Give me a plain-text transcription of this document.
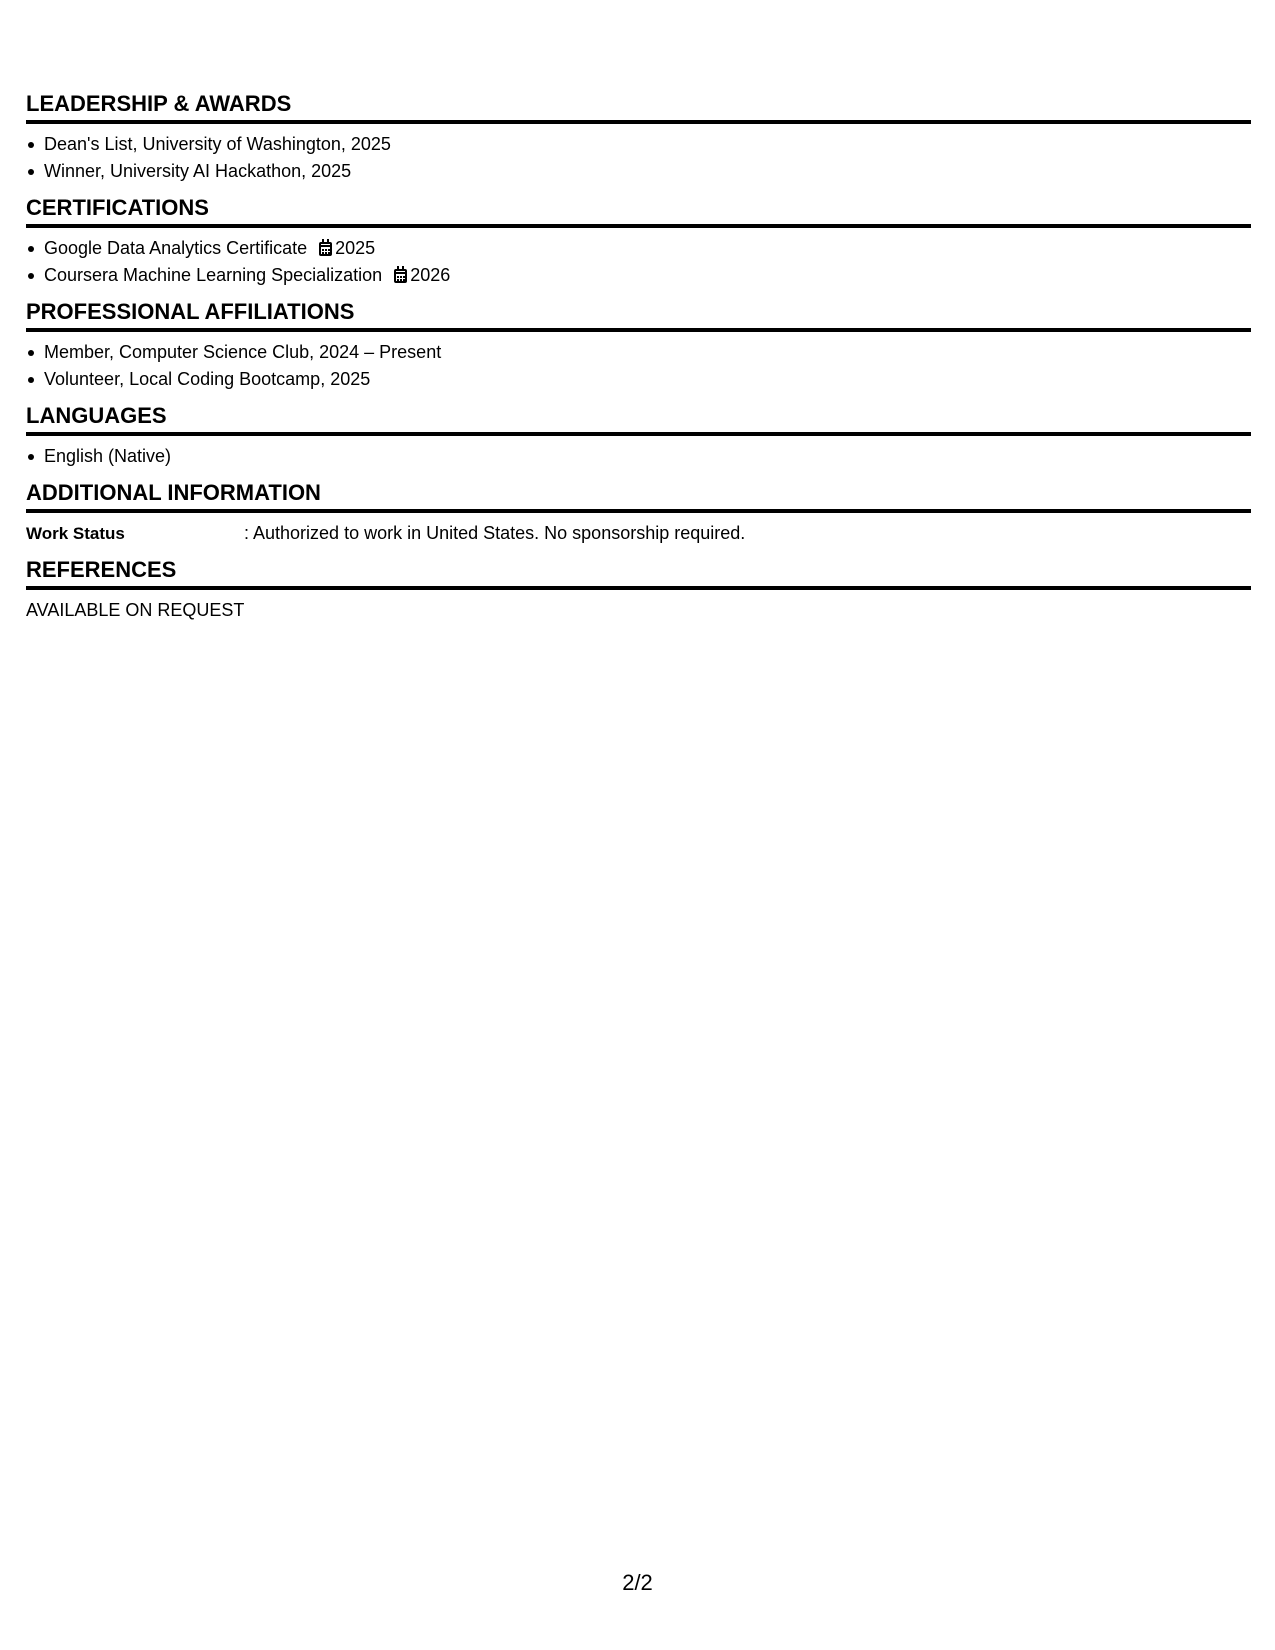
LEADERSHIP & AWARDS
Dean's List, University of Washington, 2025
Winner, University AI Hackathon, 2025
CERTIFICATIONS
Google Data Analytics Certificate 2025
Coursera Machine Learning Specialization 2026
PROFESSIONAL AFFILIATIONS
Member, Computer Science Club, 2024 – Present
Volunteer, Local Coding Bootcamp, 2025
LANGUAGES
English (Native)
ADDITIONAL INFORMATION
Work Status	: Authorized to work in United States. No sponsorship required.
REFERENCES
AVAILABLE ON REQUEST
2/2
